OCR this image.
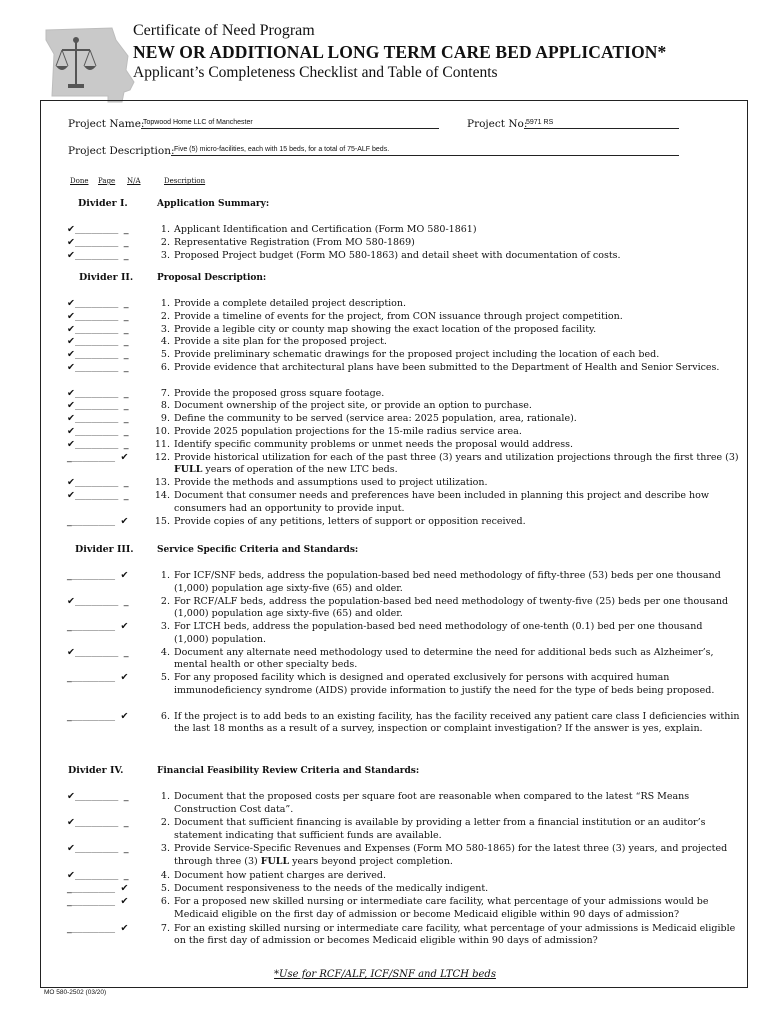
Certificate of Need Program
NEW OR ADDITIONAL LONG TERM CARE BED APPLICATION*
Applicant’s Completeness Checklist and Table of Contents
Project Name:
Topwood Home LLC of Manchester	Project No:
5971 RS
Project Description: Five (5) micro-facilities, each with 15 beds, for a total of 75-ALF beds.
Done Page N/A	Description
Divider I.	Application Summary:
✔________ _	1. Applicant Identification and Certification (Form MO 580-1861)
✔________ _	2. Representative Registration (From MO 580-1869)
✔________ _	3. Proposed Project budget (Form MO 580-1863) and detail sheet with documentation of costs.
Divider II.	Proposal Description:
✔________ _	1. Provide a complete detailed project description.
✔________ _	2. Provide a timeline of events for the project, from CON issuance through project competition.
✔________ _	3. Provide a legible city or county map showing the exact location of the proposed facility.
✔________ _	4. Provide a site plan for the proposed project.
✔________ _	5. Provide preliminary schematic drawings for the proposed project including the location of each bed.
✔________ _	6. Provide evidence that architectural plans have been submitted to the Department of Health and Senior Services.
✔________ _	7. Provide the proposed gross square footage.
✔________ _	8. Document ownership of the project site, or provide an option to purchase.
✔________ _	9. Define the community to be served (service area: 2025 population, area, rationale).
✔________ _	10. Provide 2025 population projections for the 15-mile radius service area.
✔________ _	11. Identify specific community problems or unmet needs the proposal would address.
_________ ✔	12. Provide historical utilization for each of the past three (3) years and utilization projections through the first three (3) FULL years of operation of the new LTC beds.
✔________ _	13. Provide the methods and assumptions used to project utilization.
✔________ _	14. Document that consumer needs and preferences have been included in planning this project and describe how consumers had an opportunity to provide input.
_________ ✔	15. Provide copies of any petitions, letters of support or opposition received.
Divider III.	Service Specific Criteria and Standards:
_________ ✔	1. For ICF/SNF beds, address the population-based bed need methodology of fifty-three (53) beds per one thousand (1,000) population age sixty-five (65) and older.
✔________ _	2. For RCF/ALF beds, address the population-based bed need methodology of twenty-five (25) beds per one thousand (1,000) population age sixty-five (65) and older.
_________ ✔	3. For LTCH beds, address the population-based bed need methodology of one-tenth (0.1) bed per one thousand (1,000) population.
✔________ _	4. Document any alternate need methodology used to determine the need for additional beds such as Alzheimer’s, mental health or other specialty beds.
_________ ✔	5. For any proposed facility which is designed and operated exclusively for persons with acquired human immunodeficiency syndrome (AIDS) provide information to justify the need for the type of beds being proposed.
_________ ✔	6. If the project is to add beds to an existing facility, has the facility received any patient care class I deficiencies within the last 18 months as a result of a survey, inspection or complaint investigation? If the answer is yes, explain.
Divider IV.	Financial Feasibility Review Criteria and Standards:
✔________ _	1. Document that the proposed costs per square foot are reasonable when compared to the latest “RS Means Construction Cost data”.
✔________ _	2. Document that sufficient financing is available by providing a letter from a financial institution or an auditor’s statement indicating that sufficient funds are available.
✔________ _	3. Provide Service-Specific Revenues and Expenses (Form MO 580-1865) for the latest three (3) years, and projected through three (3) FULL years beyond project completion.
✔________ _	4. Document how patient charges are derived.
_________ ✔	5. Document responsiveness to the needs of the medically indigent.
_________ ✔	6. For a proposed new skilled nursing or intermediate care facility, what percentage of your admissions would be Medicaid eligible on the first day of admission or become Medicaid eligible within 90 days of admission?
_________ ✔	7. For an existing skilled nursing or intermediate care facility, what percentage of your admissions is Medicaid eligible on the first day of admission or becomes Medicaid eligible within 90 days of admission?
*Use for RCF/ALF, ICF/SNF and LTCH beds
MO 580-2502 (03/20)
